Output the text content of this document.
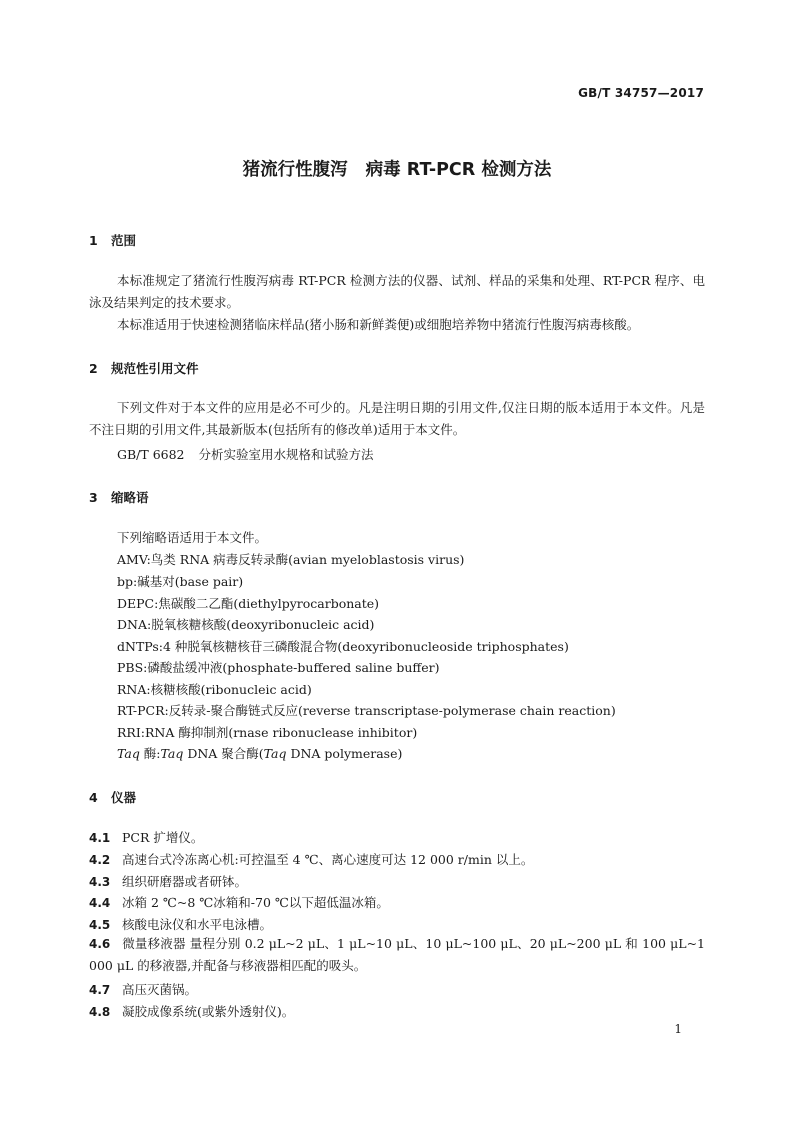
GB/T 34757—2017
猪流行性腹泻 病毒 RT-PCR 检测方法
1 范围
本标准规定了猪流行性腹泻病毒 RT-PCR 检测方法的仪器、试剂、样品的采集和处理、RT-PCR 程序、电泳及结果判定的技术要求。
本标准适用于快速检测猪临床样品(猪小肠和新鲜粪便)或细胞培养物中猪流行性腹泻病毒核酸。
2 规范性引用文件
下列文件对于本文件的应用是必不可少的。凡是注明日期的引用文件,仅注日期的版本适用于本文件。凡是不注日期的引用文件,其最新版本(包括所有的修改单)适用于本文件。
GB/T 6682 分析实验室用水规格和试验方法
3 缩略语
下列缩略语适用于本文件。
AMV:鸟类 RNA 病毒反转录酶(avian myeloblastosis virus)
bp:碱基对(base pair)
DEPC:焦碳酸二乙酯(diethylpyrocarbonate)
DNA:脱氧核糖核酸(deoxyribonucleic acid)
dNTPs:4 种脱氧核糖核苷三磷酸混合物(deoxyribonucleoside triphosphates)
PBS:磷酸盐缓冲液(phosphate-buffered saline buffer)
RNA:核糖核酸(ribonucleic acid)
RT-PCR:反转录-聚合酶链式反应(reverse transcriptase-polymerase chain reaction)
RRI:RNA 酶抑制剂(rnase ribonuclease inhibitor)
Taq 酶:Taq DNA 聚合酶(Taq DNA polymerase)
4 仪器
4.1 PCR 扩增仪。
4.2 高速台式冷冻离心机:可控温至 4 ℃、离心速度可达 12 000 r/min 以上。
4.3 组织研磨器或者研钵。
4.4 冰箱 2 ℃~8 ℃冰箱和-70 ℃以下超低温冰箱。
4.5 核酸电泳仪和水平电泳槽。
4.6 微量移液器 量程分别 0.2 μL~2 μL、1 μL~10 μL、10 μL~100 μL、20 μL~200 μL 和 100 μL~1 000 μL 的移液器,并配备与移液器相匹配的吸头。
4.7 高压灭菌锅。
4.8 凝胶成像系统(或紫外透射仪)。
1
